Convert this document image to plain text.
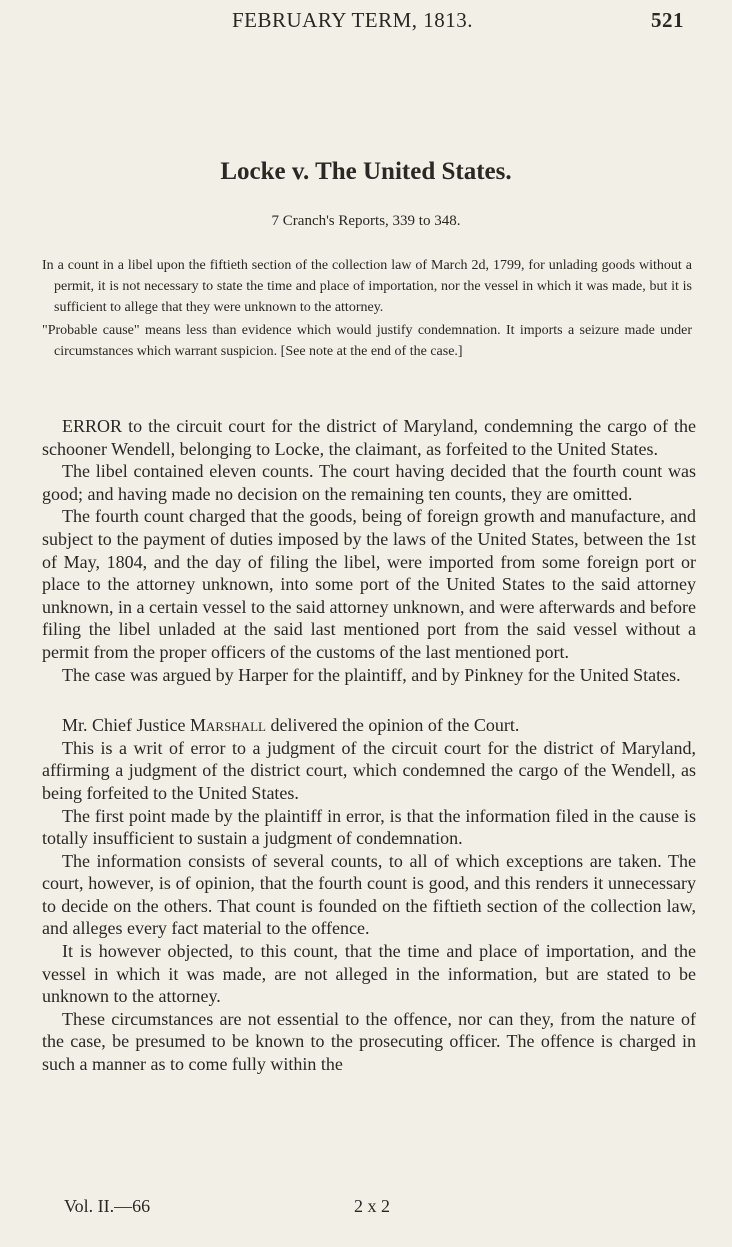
FEBRUARY TERM, 1813.	521
Locke v. The United States.
7 Cranch's Reports, 339 to 348.

In a count in a libel upon the fiftieth section of the collection law of March 2d, 1799, for unlading goods without a permit, it is not necessary to state the time and place of importation, nor the vessel in which it was made, but it is sufficient to allege that they were unknown to the attorney.

"Probable cause" means less than evidence which would justify condemnation. It imports a seizure made under circumstances which warrant suspicion. [See note at the end of the case.]

ERROR to the circuit court for the district of Maryland, condemning the cargo of the schooner Wendell, belonging to Locke, the claimant, as forfeited to the United States.

The libel contained eleven counts. The court having decided that the fourth count was good; and having made no decision on the remaining ten counts, they are omitted.

The fourth count charged that the goods, being of foreign growth and manufacture, and subject to the payment of duties imposed by the laws of the United States, between the 1st of May, 1804, and the day of filing the libel, were imported from some foreign port or place to the attorney unknown, into some port of the United States to the said attorney unknown, in a certain vessel to the said attorney unknown, and were afterwards and before filing the libel unladed at the said last mentioned port from the said vessel without a permit from the proper officers of the customs of the last mentioned port.

The case was argued by Harper for the plaintiff, and by Pinkney for the United States.

Mr. Chief Justice Marshall delivered the opinion of the Court.

This is a writ of error to a judgment of the circuit court for the district of Maryland, affirming a judgment of the district court, which condemned the cargo of the Wendell, as being forfeited to the United States.

The first point made by the plaintiff in error, is that the information filed in the cause is totally insufficient to sustain a judgment of condemnation.

The information consists of several counts, to all of which exceptions are taken. The court, however, is of opinion, that the fourth count is good, and this renders it unnecessary to decide on the others. That count is founded on the fiftieth section of the collection law, and alleges every fact material to the offence.

It is however objected, to this count, that the time and place of importation, and the vessel in which it was made, are not alleged in the information, but are stated to be unknown to the attorney.

These circumstances are not essential to the offence, nor can they, from the nature of the case, be presumed to be known to the prosecuting officer. The offence is charged in such a manner as to come fully within the

Vol. II.—66	2 x 2
